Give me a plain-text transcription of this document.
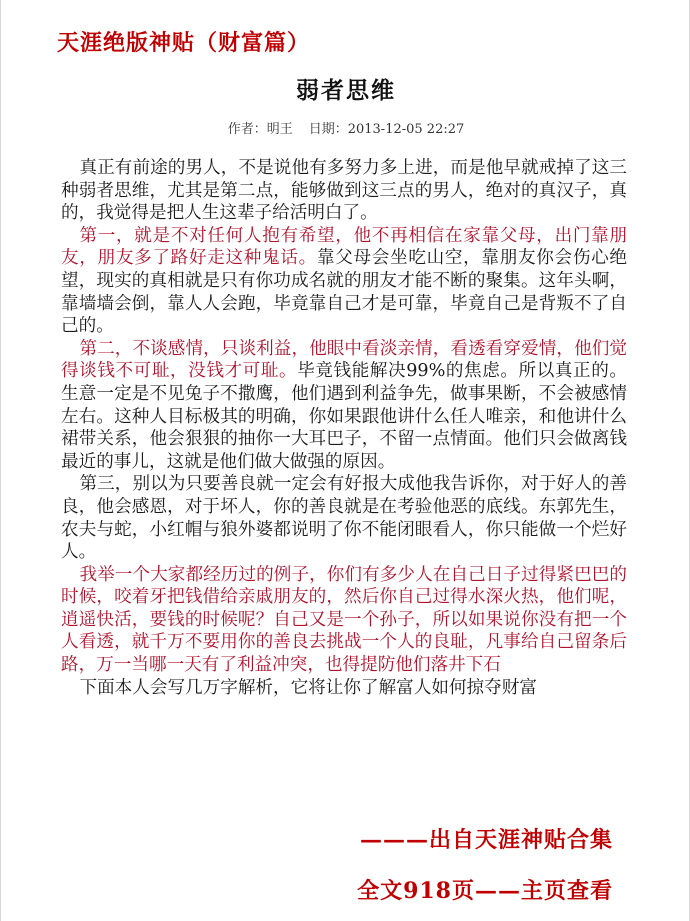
天涯绝版神贴（财富篇）
弱者思维
作者：明王 日期：2013-12-05 22:27

真正有前途的男人，不是说他有多努力多上进，而是他早就戒掉了这三种弱者思维，尤其是第二点，能够做到这三点的男人，绝对的真汉子，真的，我觉得是把人生这辈子给活明白了。

第一，就是不对任何人抱有希望，他不再相信在家靠父母，出门靠朋友，朋友多了路好走这种鬼话。靠父母会坐吃山空，靠朋友你会伤心绝望，现实的真相就是只有你功成名就的朋友才能不断的聚集。这年头啊，靠墙墙会倒，靠人人会跑，毕竟靠自己才是可靠，毕竟自己是背叛不了自己的。

第二，不谈感情，只谈利益，他眼中看淡亲情，看透看穿爱情，他们觉得谈钱不可耻，没钱才可耻。毕竟钱能解决99%的焦虑。所以真正的。生意一定是不见兔子不撒鹰，他们遇到利益争先，做事果断，不会被感情左右。这种人目标极其的明确，你如果跟他讲什么任人唯亲，和他讲什么裙带关系，他会狠狠的抽你一大耳巴子，不留一点情面。他们只会做离钱最近的事儿，这就是他们做大做强的原因。

第三，别以为只要善良就一定会有好报大成他我告诉你，对于好人的善良，他会感恩，对于坏人，你的善良就是在考验他恶的底线。东郭先生，农夫与蛇，小红帽与狼外婆都说明了你不能闭眼看人，你只能做一个烂好人。

我举一个大家都经历过的例子，你们有多少人在自己日子过得紧巴巴的时候，咬着牙把钱借给亲戚朋友的，然后你自己过得水深火热，他们呢，逍遥快活，要钱的时候呢？自己又是一个孙子，所以如果说你没有把一个人看透，就千万不要用你的善良去挑战一个人的良耻，凡事给自己留条后路，万一当哪一天有了利益冲突，也得提防他们落井下石

下面本人会写几万字解析，它将让你了解富人如何掠夺财富

———出自天涯神贴合集
全文918页——主页查看
